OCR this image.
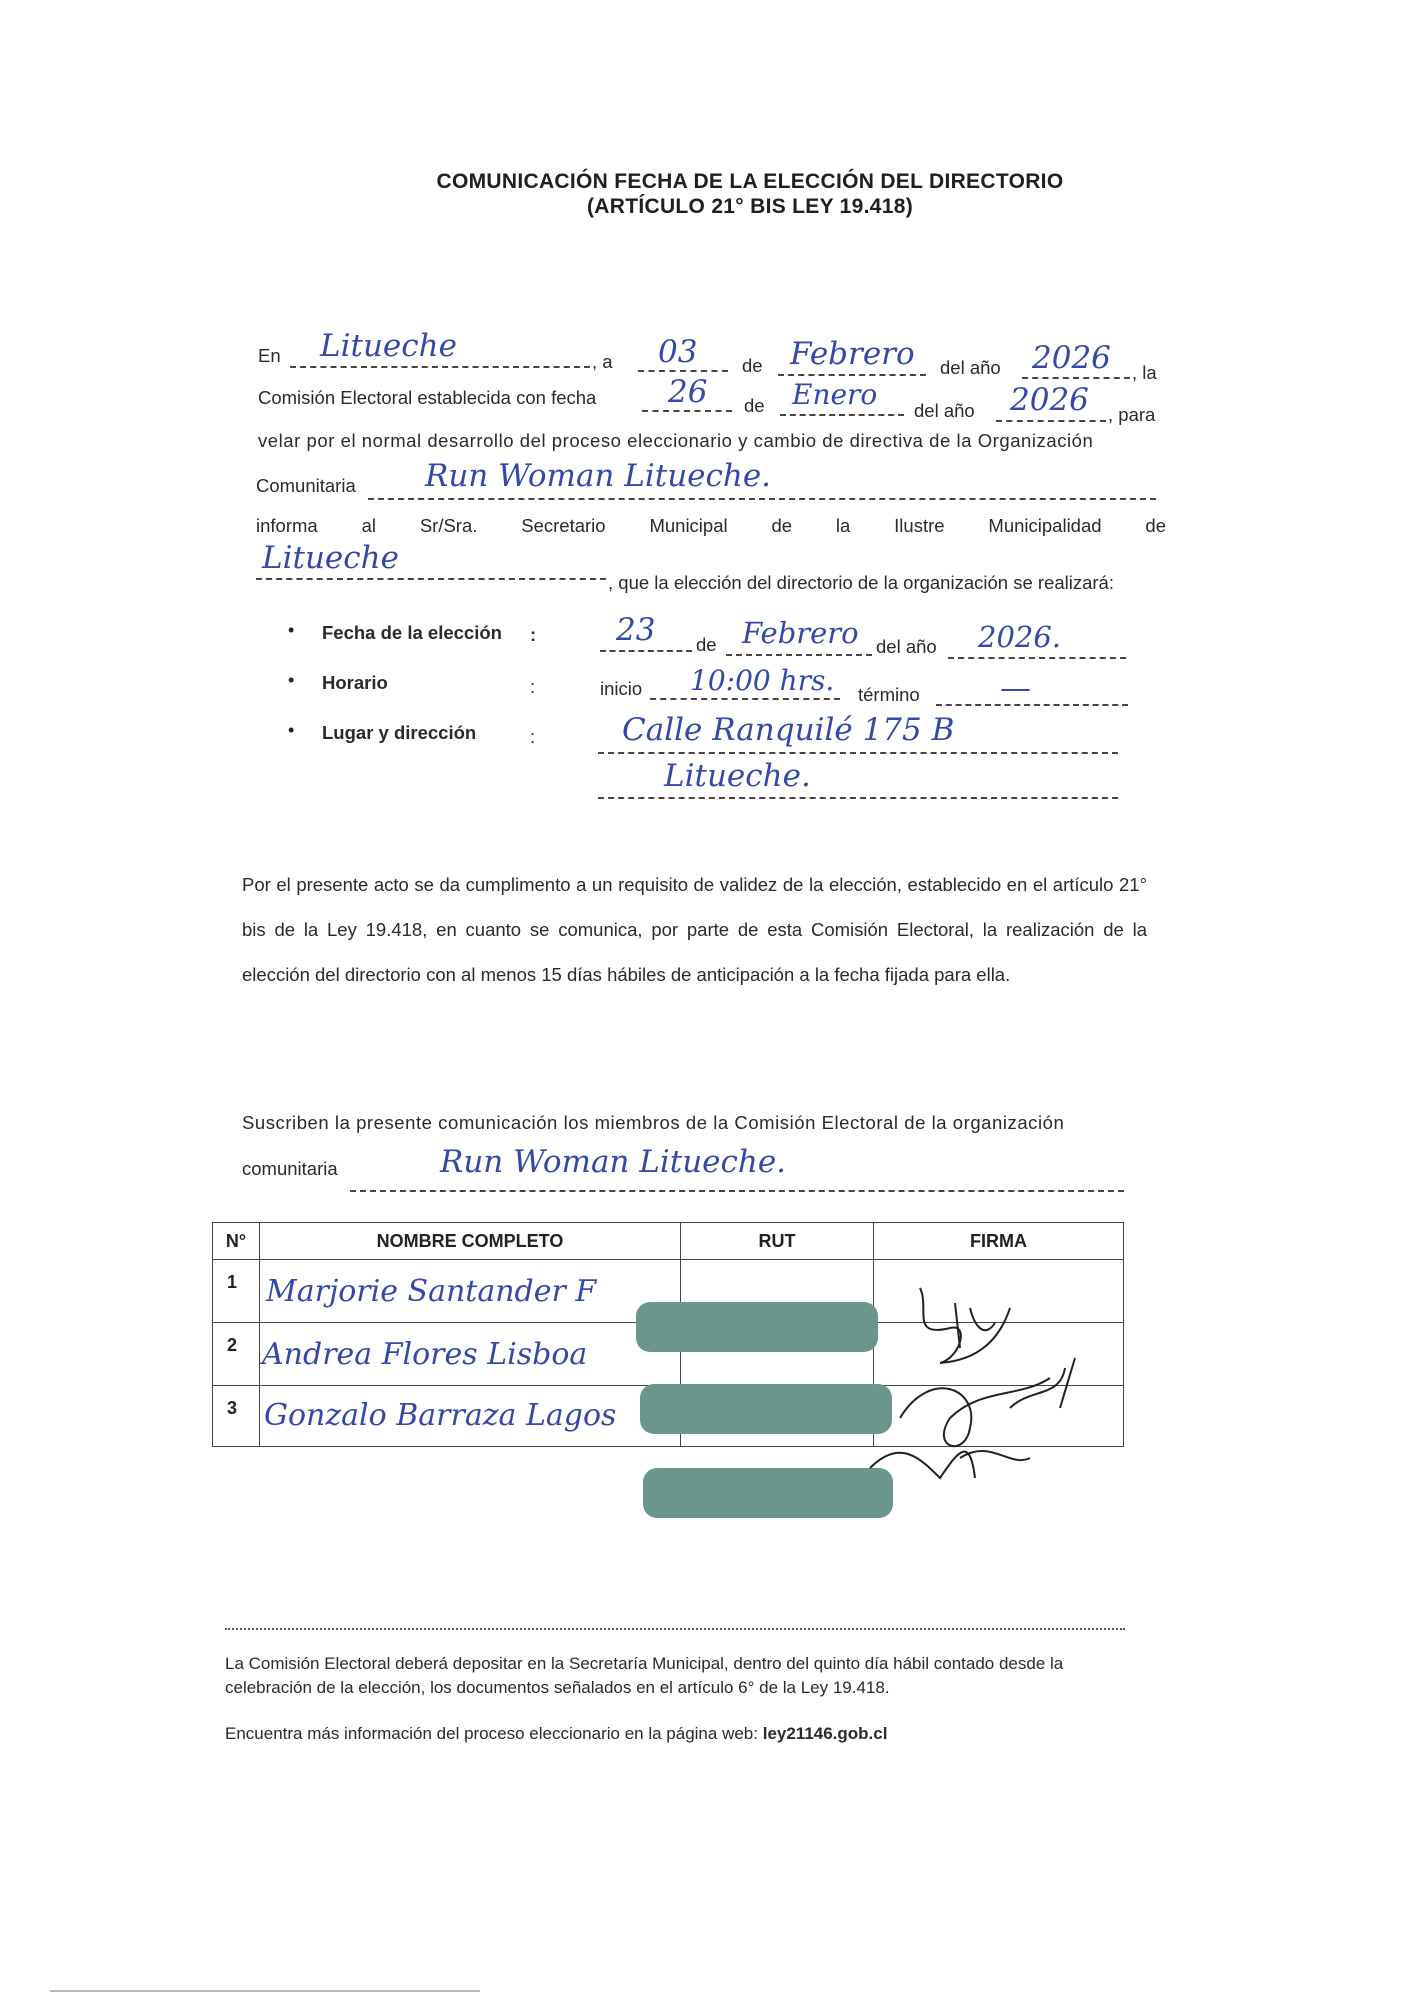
COMUNICACIÓN FECHA DE LA ELECCIÓN DEL DIRECTORIO
(ARTÍCULO 21° BIS LEY 19.418)
En Litueche	, a 03 de Febrero del año 2026 , la
Comisión Electoral establecida con fecha 26 de Enero del año 2026 , para
velar por el normal desarrollo del proceso eleccionario y cambio de directiva de la Organización
Comunitaria Run Woman Litueche.
informa al Sr/Sra. Secretario Municipal de la Ilustre Municipalidad de
Litueche
, que la elección del directorio de la organización se realizará:
• Fecha de la elección :	23 de Febrero del año 2026.
• Horario	:	inicio 10:00 hrs. término	—
• Lugar y dirección	:	Calle Ranquilé 175 B
Litueche.
Por el presente acto se da cumplimento a un requisito de validez de la elección, establecido en el artículo 21° bis de la Ley 19.418, en cuanto se comunica, por parte de esta Comisión Electoral, la realización de la elección del directorio con al menos 15 días hábiles de anticipación a la fecha fijada para ella.
Suscriben la presente comunicación los miembros de la Comisión Electoral de la organización
comunitaria	Run Woman Litueche.
N°	NOMBRE COMPLETO	RUT	FIRMA

1	Marjorie Santander F		

2	Andrea Flores Lisboa		

3	Gonzalo Barraza Lagos		

La Comisión Electoral deberá depositar en la Secretaría Municipal, dentro del quinto día hábil contado desde la celebración de la elección, los documentos señalados en el artículo 6° de la Ley 19.418.
Encuentra más información del proceso eleccionario en la página web: ley21146.gob.cl
